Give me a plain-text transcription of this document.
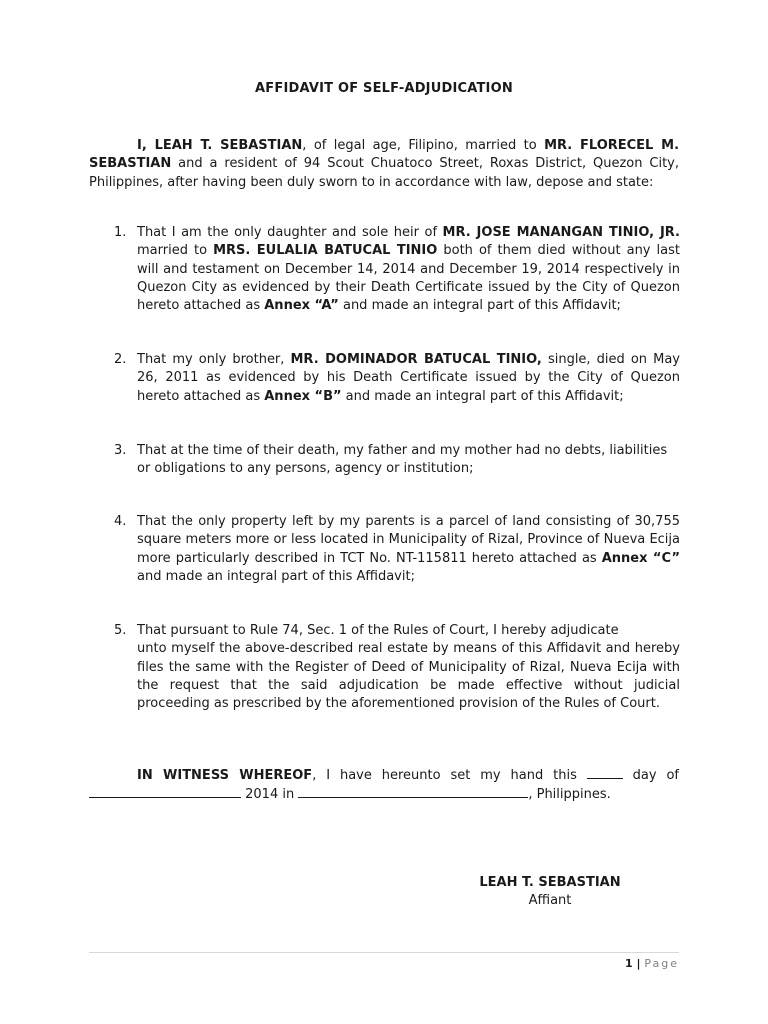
AFFIDAVIT OF SELF-ADJUDICATION
I, LEAH T. SEBASTIAN, of legal age, Filipino, married to MR. FLORECEL M. SEBASTIAN and a resident of 94 Scout Chuatoco Street, Roxas District, Quezon City, Philippines, after having been duly sworn to in accordance with law, depose and state:
1. That I am the only daughter and sole heir of MR. JOSE MANANGAN TINIO, JR. married to MRS. EULALIA BATUCAL TINIO both of them died without any last will and testament on December 14, 2014 and December 19, 2014 respectively in Quezon City as evidenced by their Death Certificate issued by the City of Quezon hereto attached as Annex “A” and made an integral part of this Affidavit;
2. That my only brother, MR. DOMINADOR BATUCAL TINIO, single, died on May 26, 2011 as evidenced by his Death Certificate issued by the City of Quezon hereto attached as Annex “B” and made an integral part of this Affidavit;
3. That at the time of their death, my father and my mother had no debts, liabilities or obligations to any persons, agency or institution;
4. That the only property left by my parents is a parcel of land consisting of 30,755 square meters more or less located in Municipality of Rizal, Province of Nueva Ecija more particularly described in TCT No. NT-115811 hereto attached as Annex “C” and made an integral part of this Affidavit;
5. That pursuant to Rule 74, Sec. 1 of the Rules of Court, I hereby adjudicate
unto myself the above-described real estate by means of this Affidavit and hereby files the same with the Register of Deed of Municipality of Rizal, Nueva Ecija with the request that the said adjudication be made effective without judicial proceeding as prescribed by the aforementioned provision of the Rules of Court.
IN WITNESS WHEREOF, I have hereunto set my hand this	day of  2014 in	, Philippines.
LEAH T. SEBASTIAN
Affiant
1 | Page
